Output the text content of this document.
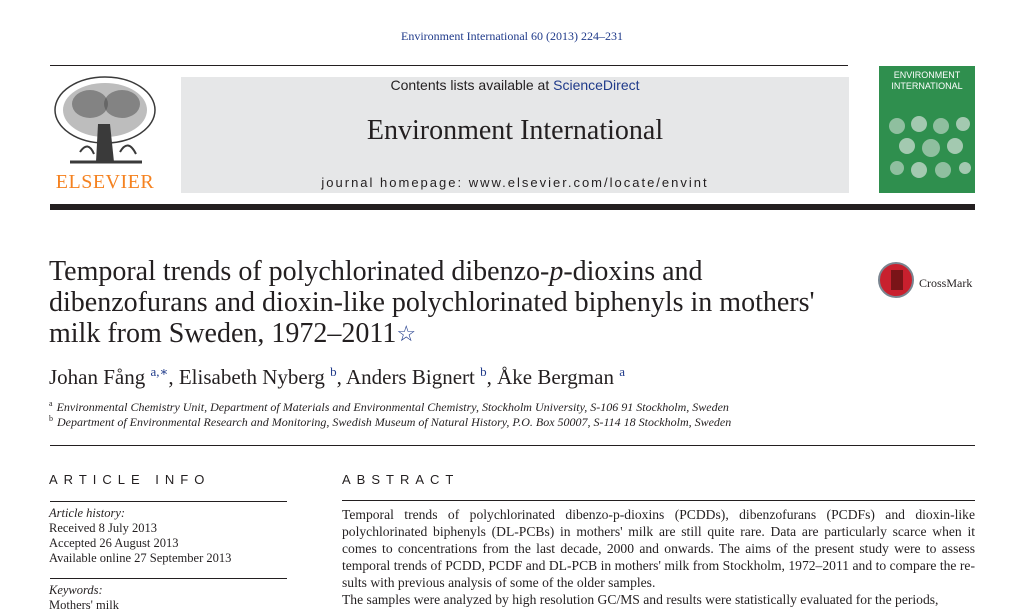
Environment International 60 (2013) 224–231
ELSEVIER
Contents lists available at ScienceDirect
Environment International
journal homepage: www.elsevier.com/locate/envint
ENVIRONMENT
INTERNATIONAL
Temporal trends of polychlorinated dibenzo-p-dioxins and dibenzofurans and dioxin-like polychlorinated biphenyls in mothers' milk from Sweden, 1972–2011☆
CrossMark
Johan Fång $^{a,∗}$, Elisabeth Nyberg $^b$, Anders Bignert $^b$, Åke Bergman $^a$
$^a$ Environmental Chemistry Unit, Department of Materials and Environmental Chemistry, Stockholm University, S-106 91 Stockholm, Sweden
$^b$ Department of Environmental Research and Monitoring, Swedish Museum of Natural History, P.O. Box 50007, S-114 18 Stockholm, Sweden
ARTICLE INFO
Article history:
Received 8 July 2013
Accepted 26 August 2013
Available online 27 September 2013
Keywords:
Mothers' milk
ABSTRACT
Temporal trends of polychlorinated dibenzo-p-dioxins (PCDDs), dibenzofurans (PCDFs) and dioxin-like polychlorinated biphenyls (DL-PCBs) in mothers' milk are still quite rare. Data are particularly scarce when it comes to concentrations from the last decade, 2000 and onwards. The aims of the present study were to assess temporal trends of PCDD, PCDF and DL-PCB in mothers' milk from Stockholm, 1972–2011 and to compare the re-sults with previous analysis of some of the older samples.
The samples were analyzed by high resolution GC/MS and results were statistically evaluated for the periods,
